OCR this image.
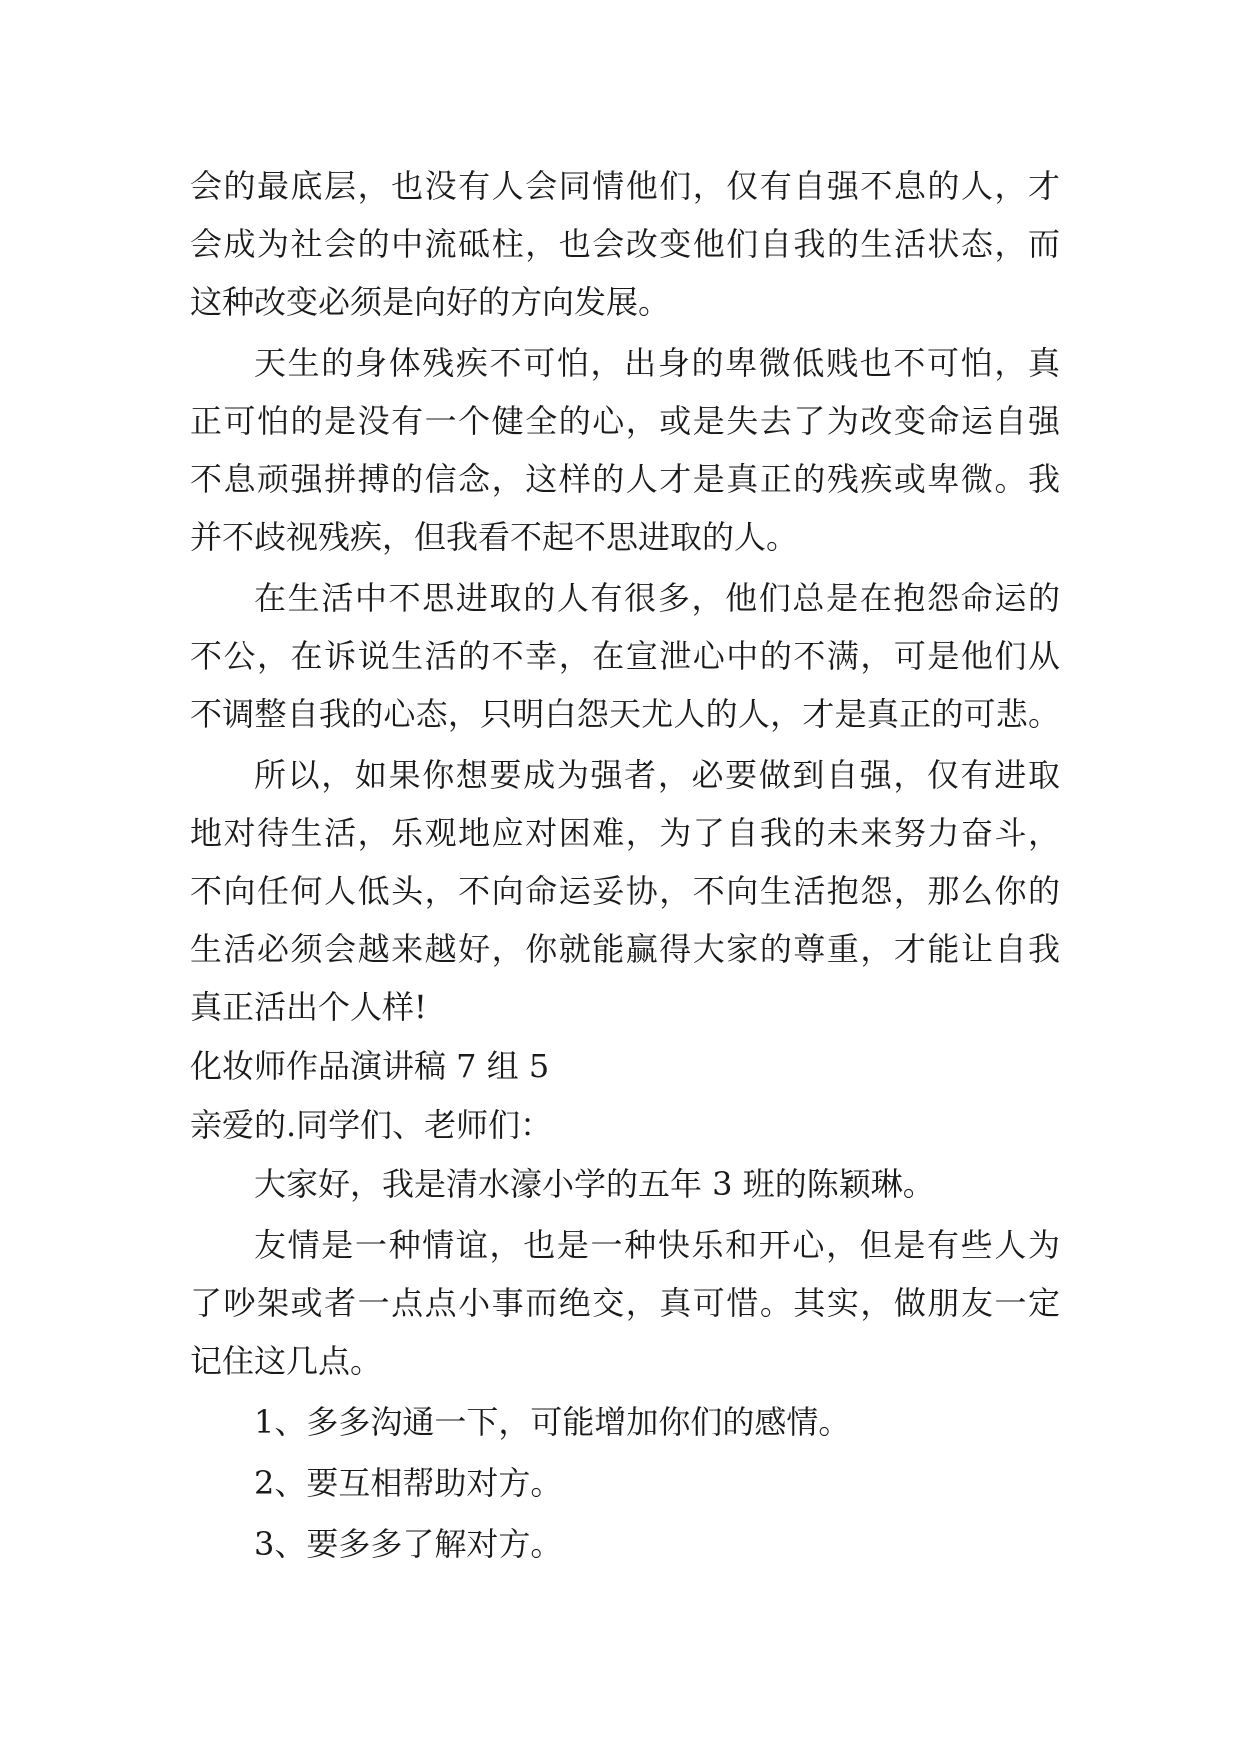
会的最底层，也没有人会同情他们，仅有自强不息的人，才
会成为社会的中流砥柱，也会改变他们自我的生活状态，而
这种改变必须是向好的方向发展。
天生的身体残疾不可怕，出身的卑微低贱也不可怕，真
正可怕的是没有一个健全的心，或是失去了为改变命运自强
不息顽强拼搏的信念，这样的人才是真正的残疾或卑微。我
并不歧视残疾，但我看不起不思进取的人。
在生活中不思进取的人有很多，他们总是在抱怨命运的
不公，在诉说生活的不幸，在宣泄心中的不满，可是他们从
不调整自我的心态，只明白怨天尤人的人，才是真正的可悲。
所以，如果你想要成为强者，必要做到自强，仅有进取
地对待生活，乐观地应对困难，为了自我的未来努力奋斗，
不向任何人低头，不向命运妥协，不向生活抱怨，那么你的
生活必须会越来越好，你就能赢得大家的尊重，才能让自我
真正活出个人样!
化妆师作品演讲稿 7 组 5
亲爱的.同学们、老师们：
大家好，我是清水濠小学的五年 3 班的陈颖琳。
友情是一种情谊，也是一种快乐和开心，但是有些人为
了吵架或者一点点小事而绝交，真可惜。其实，做朋友一定
记住这几点。
1、多多沟通一下，可能增加你们的感情。
2、要互相帮助对方。
3、要多多了解对方。
